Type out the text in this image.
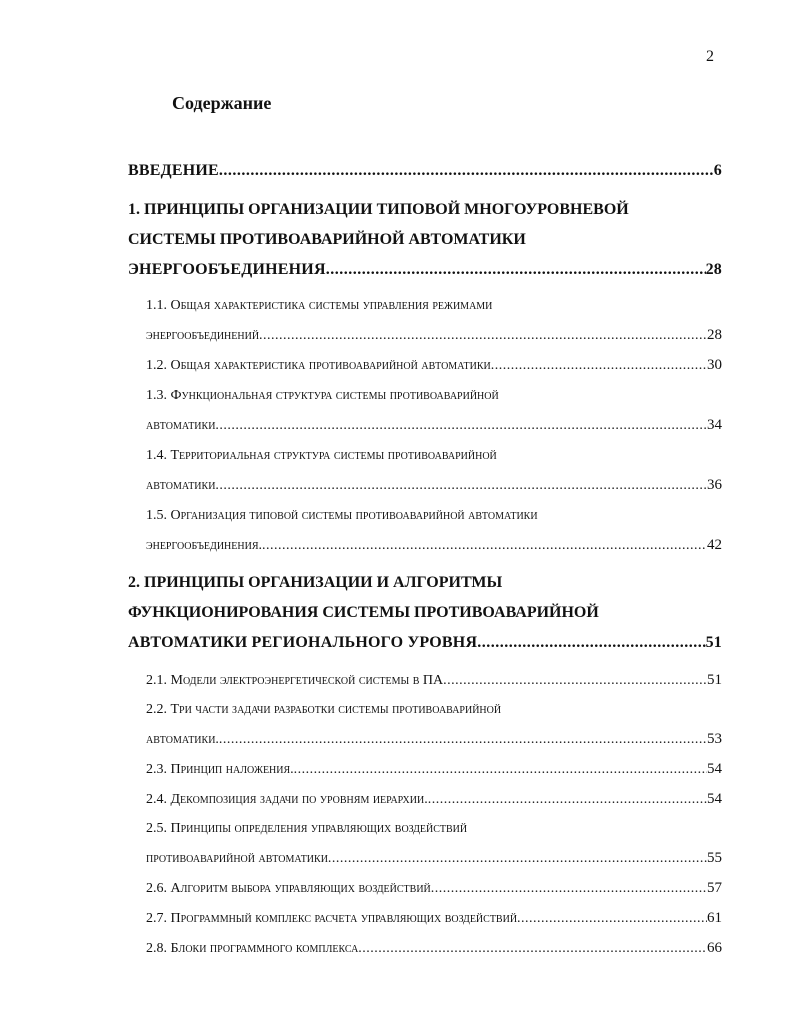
2
Содержание
ВВЕДЕНИЕ .....	6
1. ПРИНЦИПЫ ОРГАНИЗАЦИИ ТИПОВОЙ МНОГОУРОВНЕВОЙ
СИСТЕМЫ ПРОТИВОАВАРИЙНОЙ АВТОМАТИКИ
ЭНЕРГООБЪЕДИНЕНИЯ .....	28
1.1. Общая характеристика системы управления режимами
энергообъединений .....	28
1.2. Общая характеристика противоаварийной автоматики .....	30
1.3. Функциональная структура системы противоаварийной
автоматики .....	34
1.4. Территориальная структура системы противоаварийной
автоматики .....	36
1.5. Организация типовой системы противоаварийной автоматики
энергообъединения. .....	42
2. ПРИНЦИПЫ ОРГАНИЗАЦИИ И АЛГОРИТМЫ
ФУНКЦИОНИРОВАНИЯ СИСТЕМЫ ПРОТИВОАВАРИЙНОЙ
АВТОМАТИКИ РЕГИОНАЛЬНОГО УРОВНЯ .....	51
2.1. Модели электроэнергетической системы в ПА .....	51
2.2. Три части задачи разработки системы противоаварийной
автоматики. .....	53
2.3. Принцип наложения. .....	54
2.4. Декомпозиция задачи по уровням иерархии. .....	54
2.5. Принципы определения управляющих воздействий
противоаварийной автоматики .....	55
2.6. Алгоритм выбора управляющих воздействий .....	57
2.7. Программный комплекс расчета управляющих воздействий .....	61
2.8. Блоки программного комплекса .....	66
